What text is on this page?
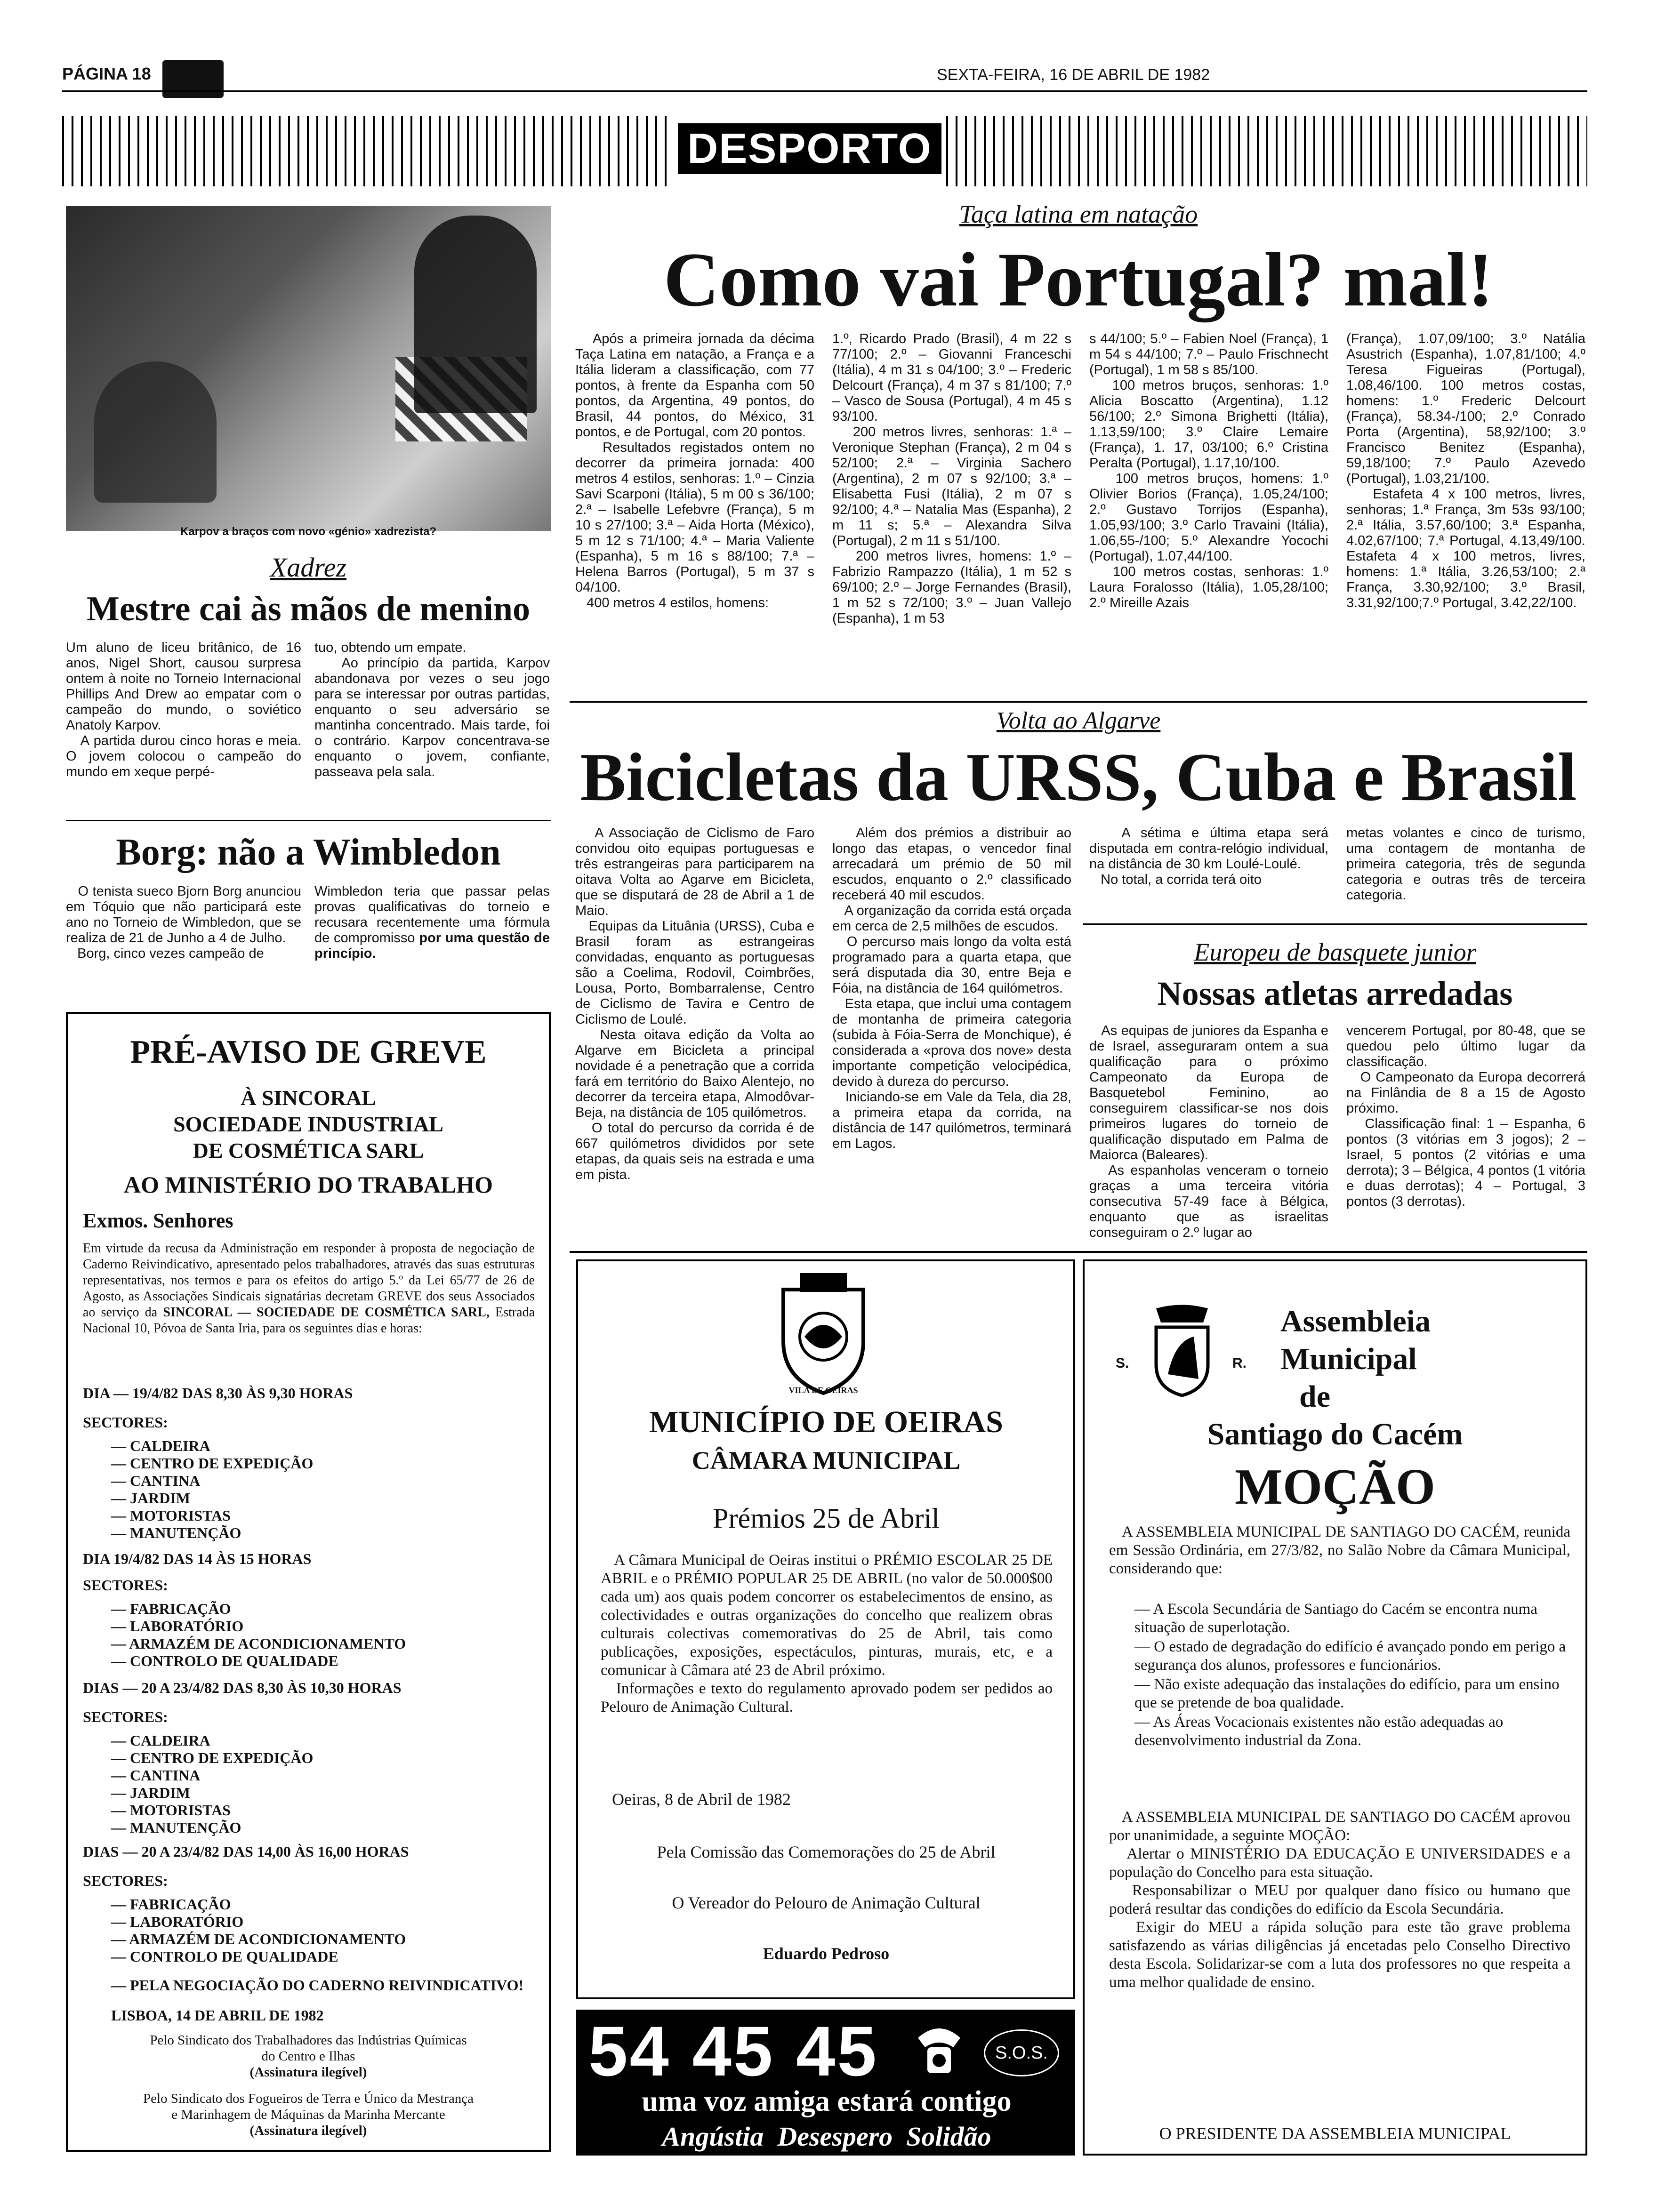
PÁGINA 18	SEXTA-FEIRA, 16 DE ABRIL DE 1982
DESPORTO
Karpov a braços com novo «génio» xadrezista?
Xadrez
Mestre cai às mãos de menino
Um aluno de liceu britânico, de 16 anos, Nigel Short, causou surpresa ontem à noite no Torneio Internacional Phillips And Drew ao empatar com o campeão do mundo, o soviético Anatoly Karpov.
A partida durou cinco horas e meia. O jovem colocou o campeão do mundo em xeque perpé-
tuo, obtendo um empate.
Ao princípio da partida, Karpov abandonava por vezes o seu jogo para se interessar por outras partidas, enquanto o seu adversário se mantinha concentrado. Mais tarde, foi o contrário. Karpov concentrava-se enquanto o jovem, confiante, passeava pela sala.
Borg: não a Wimbledon
O tenista sueco Bjorn Borg anunciou em Tóquio que não participará este ano no Torneio de Wimbledon, que se realiza de 21 de Junho a 4 de Julho.
Borg, cinco vezes campeão de
Wimbledon teria que passar pelas provas qualificativas do torneio e recusara recentemente uma fórmula de compromisso por uma questão de princípio.
PRÉ-AVISO DE GREVE
À SINCORAL
SOCIEDADE INDUSTRIAL
DE COSMÉTICA SARL
AO MINISTÉRIO DO TRABALHO
Exmos. Senhores
Em virtude da recusa da Administração em responder à proposta de negociação de Caderno Reivindicativo, apresentado pelos trabalhadores, através das suas estruturas representativas, nos termos e para os efeitos do artigo 5.º da Lei 65/77 de 26 de Agosto, as Associações Sindicais signatárias decretam GREVE dos seus Associados ao serviço da SINCORAL — SOCIEDADE DE COSMÉTICA SARL, Estrada Nacional 10, Póvoa de Santa Iria, para os seguintes dias e horas:
DIA — 19/4/82 DAS 8,30 ÀS 9,30 HORAS
SECTORES:
— CALDEIRA
— CENTRO DE EXPEDIÇÃO
— CANTINA
— JARDIM
— MOTORISTAS
— MANUTENÇÃO
DIA 19/4/82 DAS 14 ÀS 15 HORAS
SECTORES:
— FABRICAÇÃO
— LABORATÓRIO
— ARMAZÉM DE ACONDICIONAMENTO
— CONTROLO DE QUALIDADE
DIAS — 20 A 23/4/82 DAS 8,30 ÀS 10,30 HORAS
SECTORES:
— CALDEIRA
— CENTRO DE EXPEDIÇÃO
— CANTINA
— JARDIM
— MOTORISTAS
— MANUTENÇÃO
DIAS — 20 A 23/4/82 DAS 14,00 ÀS 16,00 HORAS
SECTORES:
— FABRICAÇÃO
— LABORATÓRIO
— ARMAZÉM DE ACONDICIONAMENTO
— CONTROLO DE QUALIDADE
— PELA NEGOCIAÇÃO DO CADERNO REIVINDICATIVO!
LISBOA, 14 DE ABRIL DE 1982
Pelo Sindicato dos Trabalhadores das Indústrias Químicas
do Centro e Ilhas
(Assinatura ilegível)
Pelo Sindicato dos Fogueiros de Terra e Único da Mestrança
e Marinhagem de Máquinas da Marinha Mercante
(Assinatura ilegível)
Taça latina em natação
Como vai Portugal? mal!
Após a primeira jornada da décima Taça Latina em natação, a França e a Itália lideram a classificação, com 77 pontos, à frente da Espanha com 50 pontos, da Argentina, 49 pontos, do Brasil, 44 pontos, do México, 31 pontos, e de Portugal, com 20 pontos.
Resultados registados ontem no decorrer da primeira jornada: 400 metros 4 estilos, senhoras: 1.º – Cinzia Savi Scarponi (Itália), 5 m 00 s 36/100; 2.ª – Isabelle Lefebvre (França), 5 m 10 s 27/100; 3.ª – Aida Horta (México), 5 m 12 s 71/100; 4.ª – Maria Valiente (Espanha), 5 m 16 s 88/100; 7.ª – Helena Barros (Portugal), 5 m 37 s 04/100.
400 metros 4 estilos, homens:
1.º, Ricardo Prado (Brasil), 4 m 22 s 77/100; 2.º – Giovanni Franceschi (Itália), 4 m 31 s 04/100; 3.º – Frederic Delcourt (França), 4 m 37 s 81/100; 7.º – Vasco de Sousa (Portugal), 4 m 45 s 93/100.
200 metros livres, senhoras: 1.ª – Veronique Stephan (França), 2 m 04 s 52/100; 2.ª – Virginia Sachero (Argentina), 2 m 07 s 92/100; 3.ª – Elisabetta Fusi (Itália), 2 m 07 s 92/100; 4.ª – Natalia Mas (Espanha), 2 m 11 s; 5.ª – Alexandra Silva (Portugal), 2 m 11 s 51/100.
200 metros livres, homens: 1.º – Fabrizio Rampazzo (Itália), 1 m 52 s 69/100; 2.º – Jorge Fernandes (Brasil), 1 m 52 s 72/100; 3.º – Juan Vallejo (Espanha), 1 m 53
s 44/100; 5.º – Fabien Noel (França), 1 m 54 s 44/100; 7.º – Paulo Frischnecht (Portugal), 1 m 58 s 85/100.
100 metros bruços, senhoras: 1.º Alicia Boscatto (Argentina), 1.12 56/100; 2.º Simona Brighetti (Itália), 1.13,59/100; 3.º Claire Lemaire (França), 1. 17, 03/100; 6.º Cristina Peralta (Portugal), 1.17,10/100.
100 metros bruços, homens: 1.º Olivier Borios (França), 1.05,24/100; 2.º Gustavo Torrijos (Espanha), 1.05,93/100; 3.º Carlo Travaini (Itália), 1.06,55-/100; 5.º Alexandre Yocochi (Portugal), 1.07,44/100.
100 metros costas, senhoras: 1.º Laura Foralosso (Itália), 1.05,28/100; 2.º Mireille Azais
(França), 1.07,09/100; 3.º Natália Asustrich (Espanha), 1.07,81/100; 4.º Teresa Figueiras (Portugal), 1.08,46/100. 100 metros costas, homens: 1.º Frederic Delcourt (França), 58.34-/100; 2.º Conrado Porta (Argentina), 58,92/100; 3.º Francisco Benitez (Espanha), 59,18/100; 7.º Paulo Azevedo (Portugal), 1.03,21/100.
Estafeta 4 x 100 metros, livres, senhoras; 1.ª França, 3m 53s 93/100; 2.ª Itália, 3.57,60/100; 3.ª Espanha, 4.02,67/100; 7.ª Portugal, 4.13,49/100. Estafeta 4 x 100 metros, livres, homens: 1.ª Itália, 3.26,53/100; 2.ª França, 3.30,92/100; 3.º Brasil, 3.31,92/100;7.º Portugal, 3.42,22/100.
Volta ao Algarve
Bicicletas da URSS, Cuba e Brasil
A Associação de Ciclismo de Faro convidou oito equipas portuguesas e três estrangeiras para participarem na oitava Volta ao Agarve em Bicicleta, que se disputará de 28 de Abril a 1 de Maio.
Equipas da Lituânia (URSS), Cuba e Brasil foram as estrangeiras convidadas, enquanto as portuguesas são a Coelima, Rodovil, Coimbrões, Lousa, Porto, Bombarralense, Centro de Ciclismo de Tavira e Centro de Ciclismo de Loulé.
Nesta oitava edição da Volta ao Algarve em Bicicleta a principal novidade é a penetração que a corrida fará em território do Baixo Alentejo, no decorrer da terceira etapa, Almodôvar-Beja, na distância de 105 quilómetros.
O total do percurso da corrida é de 667 quilómetros divididos por sete etapas, da quais seis na estrada e uma em pista.
Além dos prémios a distribuir ao longo das etapas, o vencedor final arrecadará um prémio de 50 mil escudos, enquanto o 2.º classificado receberá 40 mil escudos.
A organização da corrida está orçada em cerca de 2,5 milhões de escudos.
O percurso mais longo da volta está programado para a quarta etapa, que será disputada dia 30, entre Beja e Fóia, na distância de 164 quilómetros.
Esta etapa, que inclui uma contagem de montanha de primeira categoria (subida à Fóia-Serra de Monchique), é considerada a «prova dos nove» desta importante competição velocipédica, devido à dureza do percurso.
Iniciando-se em Vale da Tela, dia 28, a primeira etapa da corrida, na distância de 147 quilómetros, terminará em Lagos.
A sétima e última etapa será disputada em contra-relógio individual, na distância de 30 km Loulé-Loulé.
No total, a corrida terá oito
metas volantes e cinco de turismo, uma contagem de montanha de primeira categoria, três de segunda categoria e outras três de terceira categoria.
Europeu de basquete junior
Nossas atletas arredadas
As equipas de juniores da Espanha e de Israel, asseguraram ontem a sua qualificação para o próximo Campeonato da Europa de Basquetebol Feminino, ao conseguirem classificar-se nos dois primeiros lugares do torneio de qualificação disputado em Palma de Maiorca (Baleares).
As espanholas venceram o torneio graças a uma terceira vitória consecutiva 57-49 face à Bélgica, enquanto que as israelitas conseguiram o 2.º lugar ao
vencerem Portugal, por 80-48, que se quedou pelo último lugar da classificação.
O Campeonato da Europa decorrerá na Finlândia de 8 a 15 de Agosto próximo.
Classificação final: 1 – Espanha, 6 pontos (3 vitórias em 3 jogos); 2 – Israel, 5 pontos (2 vitórias e uma derrota); 3 – Bélgica, 4 pontos (1 vitória e duas derrotas); 4 – Portugal, 3 pontos (3 derrotas).
VILA DE OEIRAS
MUNICÍPIO DE OEIRAS
CÂMARA MUNICIPAL
Prémios 25 de Abril
A Câmara Municipal de Oeiras institui o PRÉMIO ESCOLAR 25 DE ABRIL e o PRÉMIO POPULAR 25 DE ABRIL (no valor de 50.000$00 cada um) aos quais podem concorrer os estabelecimentos de ensino, as colectividades e outras organizações do concelho que realizem obras culturais colectivas comemorativas do 25 de Abril, tais como publicações, exposições, espectáculos, pinturas, murais, etc, e a comunicar à Câmara até 23 de Abril próximo.
Informações e texto do regulamento aprovado podem ser pedidos ao Pelouro de Animação Cultural.
Oeiras, 8 de Abril de 1982
Pela Comissão das Comemorações do 25 de Abril
O Vereador do Pelouro de Animação Cultural
Eduardo Pedroso
54 45 45	S.O.S.
uma voz amiga estará contigo
Angústia  Desespero  Solidão
S.	R.
Assembleia
Municipal
de
Santiago do Cacém
MOÇÃO
A ASSEMBLEIA MUNICIPAL DE SANTIAGO DO CACÉM, reunida em Sessão Ordinária, em 27/3/82, no Salão Nobre da Câmara Municipal, considerando que:
— A Escola Secundária de Santiago do Cacém se encontra numa situação de superlotação.
— O estado de degradação do edifício é avançado pondo em perigo a segurança dos alunos, professores e funcionários.
— Não existe adequação das instalações do edifício, para um ensino que se pretende de boa qualidade.
— As Áreas Vocacionais existentes não estão adequadas ao desenvolvimento industrial da Zona.
A ASSEMBLEIA MUNICIPAL DE SANTIAGO DO CACÉM aprovou por unanimidade, a seguinte MOÇÃO:
Alertar o MINISTÉRIO DA EDUCAÇÃO E UNIVERSIDADES e a população do Concelho para esta situação.
Responsabilizar o MEU por qualquer dano físico ou humano que poderá resultar das condições do edifício da Escola Secundária.
Exigir do MEU a rápida solução para este tão grave problema satisfazendo as várias diligências já encetadas pelo Conselho Directivo desta Escola. Solidarizar-se com a luta dos professores no que respeita a uma melhor qualidade de ensino.
O PRESIDENTE DA ASSEMBLEIA MUNICIPAL
